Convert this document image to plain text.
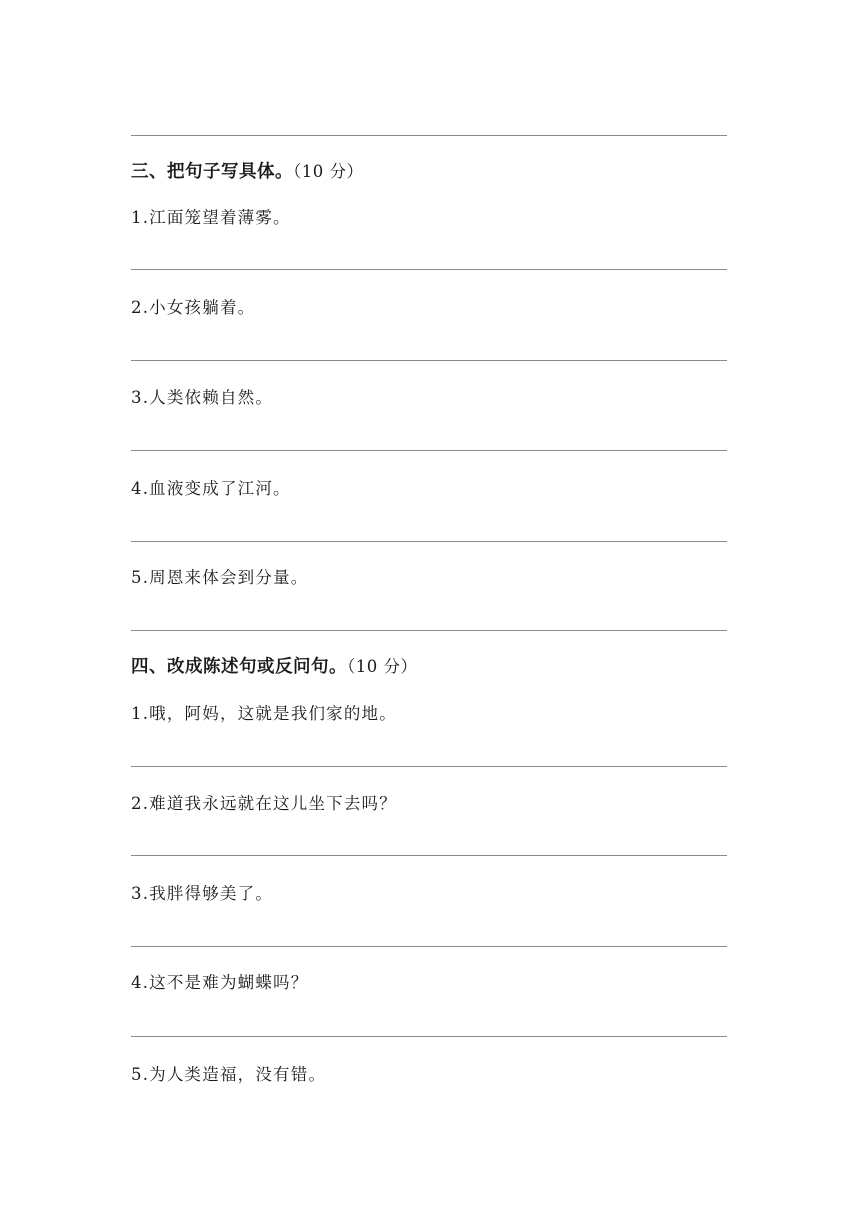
三、把句子写具体。（10 分）
1.江面笼望着薄雾。
2.小女孩躺着。
3.人类依赖自然。
4.血液变成了江河。
5.周恩来体会到分量。
四、改成陈述句或反问句。（10 分）
1.哦，阿妈，这就是我们家的地。
2.难道我永远就在这儿坐下去吗？
3.我胖得够美了。
4.这不是难为蝴蝶吗？
5.为人类造福，没有错。
